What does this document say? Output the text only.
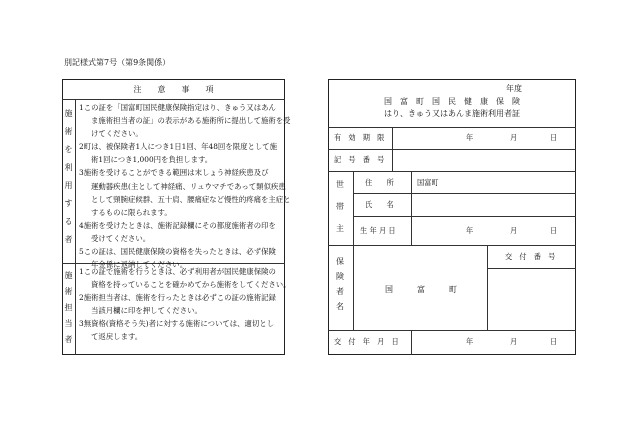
別記様式第7号（第9条関係）
注　　意　　事　　項
施
術
を
利
用
す
る
者
1この証を「国富町国民健康保険指定はり、きゅう又はあん
ま施術担当者の証」の表示がある施術所に提出して施術を受
けてください。
2町は、被保険者1人につき1日1回、年48回を限度として施
術1回につき1,000円を負担します。
3施術を受けることができる範囲は末しょう神経疾患及び
運動器疾患(主として神経痛、リュウマチであって類似疾患
として頸腕症候群、五十肩、腰痛症など慢性的疼痛を主症と
するものに限られます。
4施術を受けたときは、施術記録欄にその都度施術者の印を
受けてください。
5この証は、国民健康保険の資格を失ったときは、必ず保険
年金係に返納してください。
施
術
担
当
者
1この証で施術を行うときは、必ず利用者が国民健康保険の
資格を持っていることを確かめてから施術をしてください。
2施術担当者は、施術を行ったときは必ずこの証の施術記録
当該月欄に印を押してください。
3無資格(資格そう失)者に対する施術については、適切とし
て返戻します。
年度
国　富　町　国　民　健　康　保　険
はり、きゅう又はあんま施術利用者証
有　効　期　限	年	月	日
記　号　番　号
世
帯
主
住　　所	国富町
氏　　名
生 年 月 日	年	月	日
保
険
者
名
国　　　富　　　町
交　付　番　号
交　付　年　月　日	年	月	日
